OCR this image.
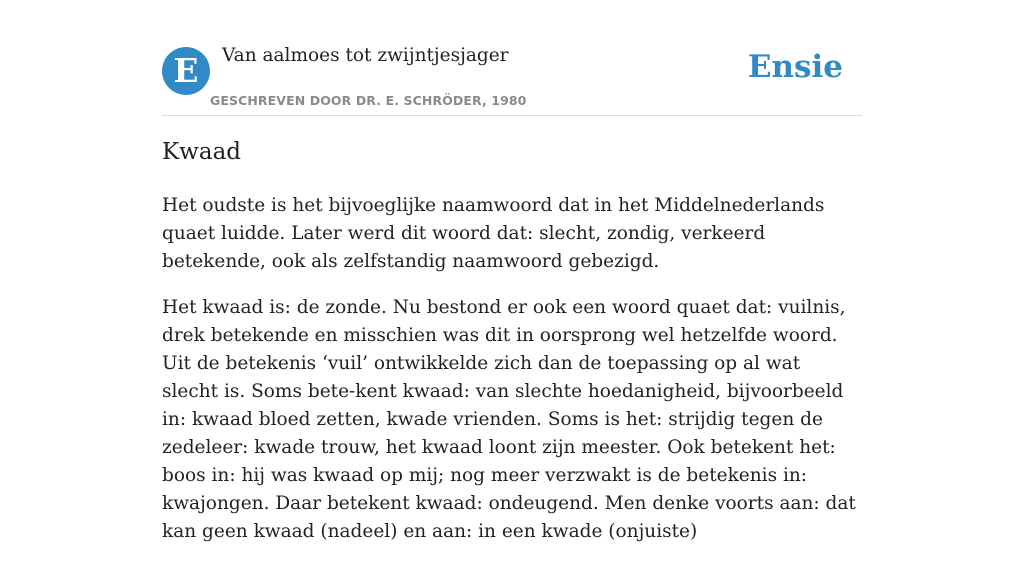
E	Van aalmoes tot zwijntjesjager
GESCHREVEN DOOR DR. E. SCHRÖDER, 1980
Ensie
Kwaad

Het oudste is het bijvoeglijke naamwoord dat in het Middelnederlands quaet luidde. Later werd dit woord dat: slecht, zondig, verkeerd betekende, ook als zelfstandig naamwoord gebezigd.

Het kwaad is: de zonde. Nu bestond er ook een woord quaet dat: vuilnis, drek betekende en misschien was dit in oorsprong wel hetzelfde woord. Uit de betekenis ‘vuil’ ontwikkelde zich dan de toepassing op al wat slecht is. Soms bete-kent kwaad: van slechte hoedanigheid, bijvoorbeeld in: kwaad bloed zetten, kwade vrienden. Soms is het: strijdig tegen de zedeleer: kwade trouw, het kwaad loont zijn meester. Ook betekent het: boos in: hij was kwaad op mij; nog meer verzwakt is de betekenis in: kwajongen. Daar betekent kwaad: ondeugend. Men denke voorts aan: dat kan geen kwaad (nadeel) en aan: in een kwade (onjuiste)
